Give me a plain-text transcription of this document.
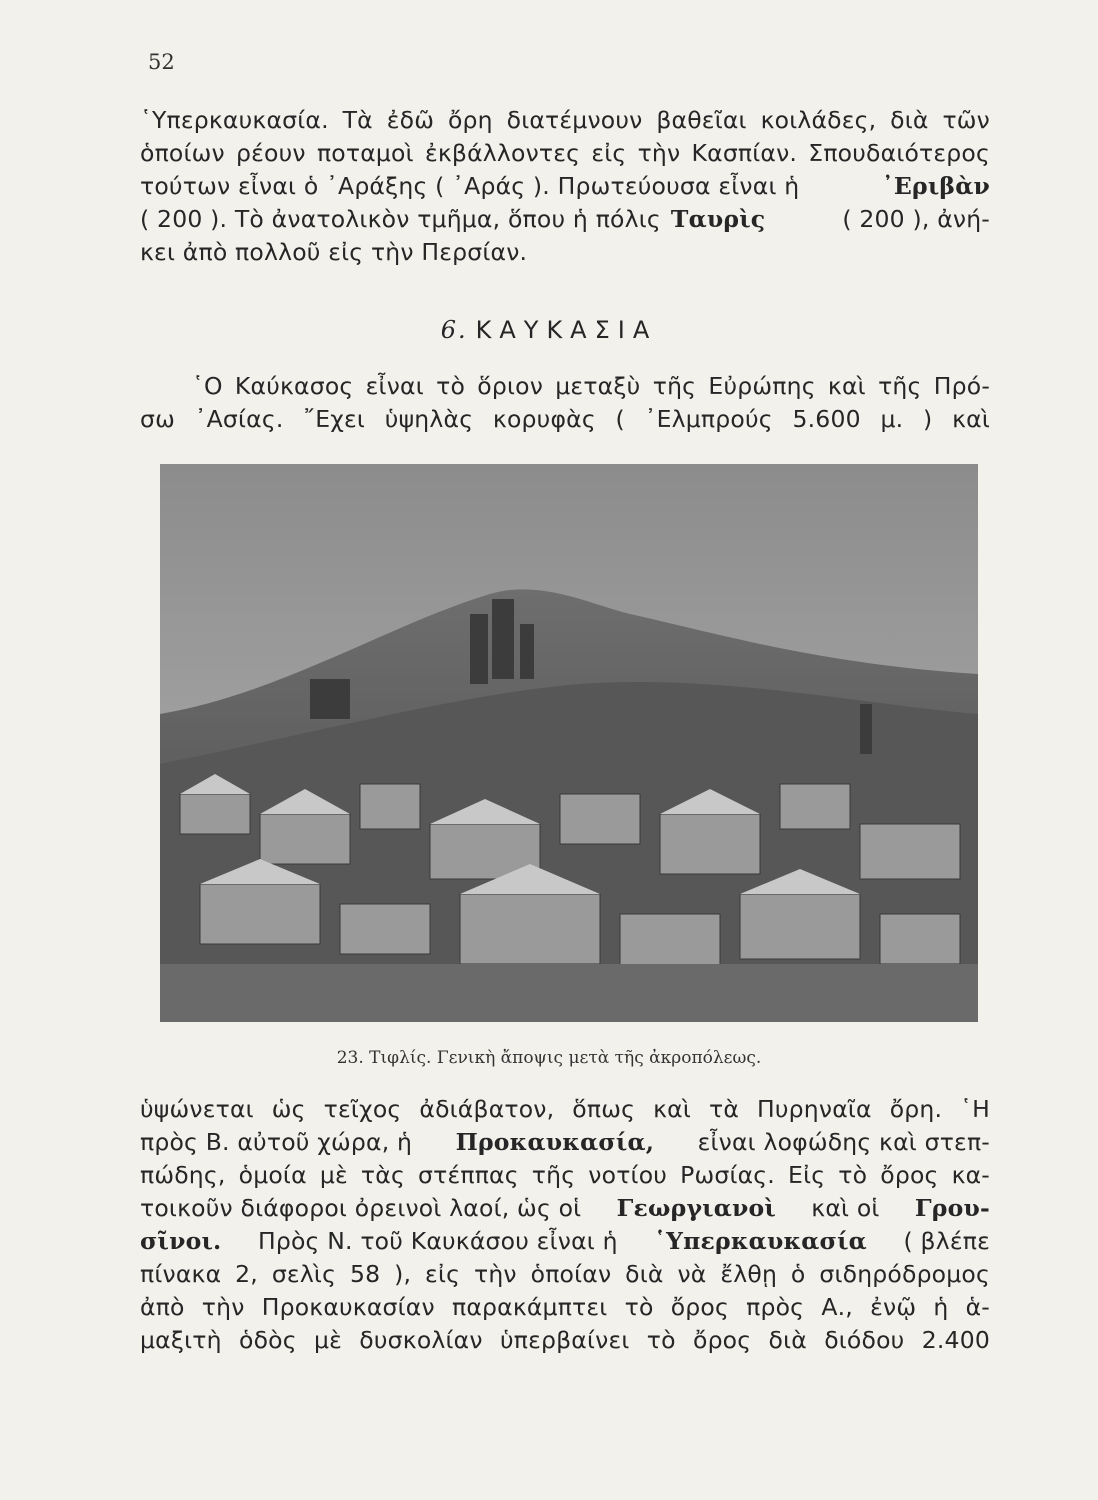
52
῾Υπερκαυκασία. Τὰ ἐδῶ ὄρη διατέμνουν βαθεῖαι κοιλάδες, διὰ τῶν
ὁποίων ρέουν ποταμοὶ ἐκβάλλοντες εἰς τὴν Κασπίαν. Σπουδαιότερος
τούτων εἶναι ὁ ᾿Αράξης ( ᾿Αράς ). Πρωτεύουσα εἶναι ἡ	᾿Εριβὰν
( 200 ). Τὸ ἀνατολικὸν τμῆμα, ὅπου ἡ πόλις Ταυρὶς	( 200 ), ἀνή-
κει ἀπὸ πολλοῦ εἰς τὴν Περσίαν.
6. ΚΑΥΚΑΣΙΑ
῾Ο Καύκασος εἶναι τὸ ὅριον μεταξὺ τῆς Εὐρώπης καὶ τῆς Πρό-
σω ᾿Ασίας. ῎Εχει ὑψηλὰς κορυφὰς ( ᾿Ελμπρούς 5.600 μ. ) καὶ
23. Τιφλίς. Γενικὴ ἄποψις μετὰ τῆς ἀκροπόλεως.
ὑψώνεται ὡς τεῖχος ἀδιάβατον, ὅπως καὶ τὰ Πυρηναῖα ὄρη. ῾Η
πρὸς Β. αὐτοῦ χώρα, ἡ Προκαυκασία, εἶναι λοφώδης καὶ στεπ-
πώδης, ὁμοία μὲ τὰς στέππας τῆς νοτίου Ρωσίας. Εἰς τὸ ὄρος κα-
τοικοῦν διάφοροι ὀρεινοὶ λαοί, ὡς οἱ Γεωργιανοὶ καὶ οἱ Γρου-
σῖνοι. Πρὸς Ν. τοῦ Καυκάσου εἶναι ἡ ῾Υπερκαυκασία ( βλέπε
πίνακα 2, σελὶς 58 ), εἰς τὴν ὁποίαν διὰ νὰ ἔλθῃ ὁ σιδηρόδρομος
ἀπὸ τὴν Προκαυκασίαν παρακάμπτει τὸ ὄρος πρὸς Α., ἐνῷ ἡ ἁ-
μαξιτὴ ὁδὸς μὲ δυσκολίαν ὑπερβαίνει τὸ ὄρος διὰ διόδου 2.400
